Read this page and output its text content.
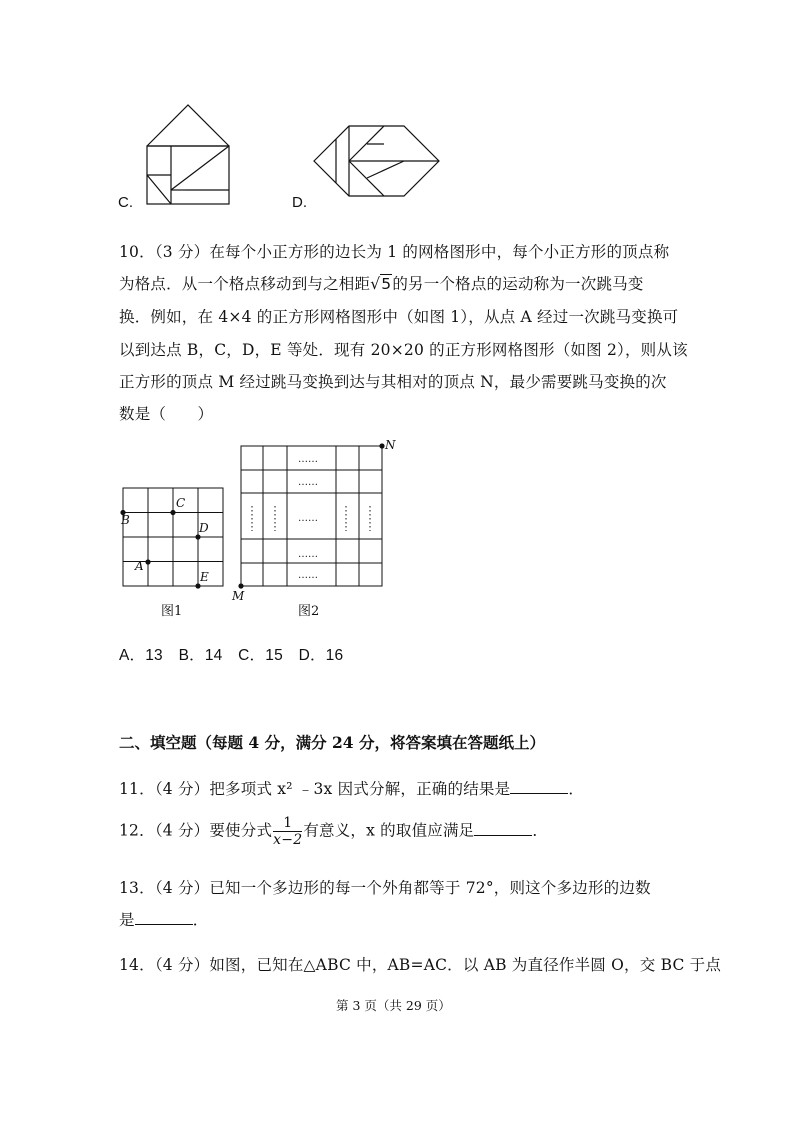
C.	D.
10．（3 分）在每个小正方形的边长为 1 的网格图形中，每个小正方形的顶点称
为格点．从一个格点移动到与之相距√5的另一个格点的运动称为一次跳马变
换．例如，在 4×4 的正方形网格图形中（如图 1），从点 A 经过一次跳马变换可
以到达点 B，C，D，E 等处．现有 20×20 的正方形网格图形（如图 2），则从该
正方形的顶点 M 经过跳马变换到达与其相对的顶点 N，最少需要跳马变换的次
数是（　　）
A
B
C
D
E
图1
M
N
……
……
……
……
……
图2
A．13　B．14　C．15　D．16
二、填空题（每题 4 分，满分 24 分，将答案填在答题纸上）
11．（4 分）把多项式 x² ﹣3x 因式分解，正确的结果是	．
12．（4 分）要使分式 $\frac{1}{x-2}$ 有意义，x 的取值应满足	．
13．（4 分）已知一个多边形的每一个外角都等于 72°，则这个多边形的边数
是	．
14．（4 分）如图，已知在△ABC 中，AB=AC．以 AB 为直径作半圆 O，交 BC 于点
第 3 页（共 29 页）
